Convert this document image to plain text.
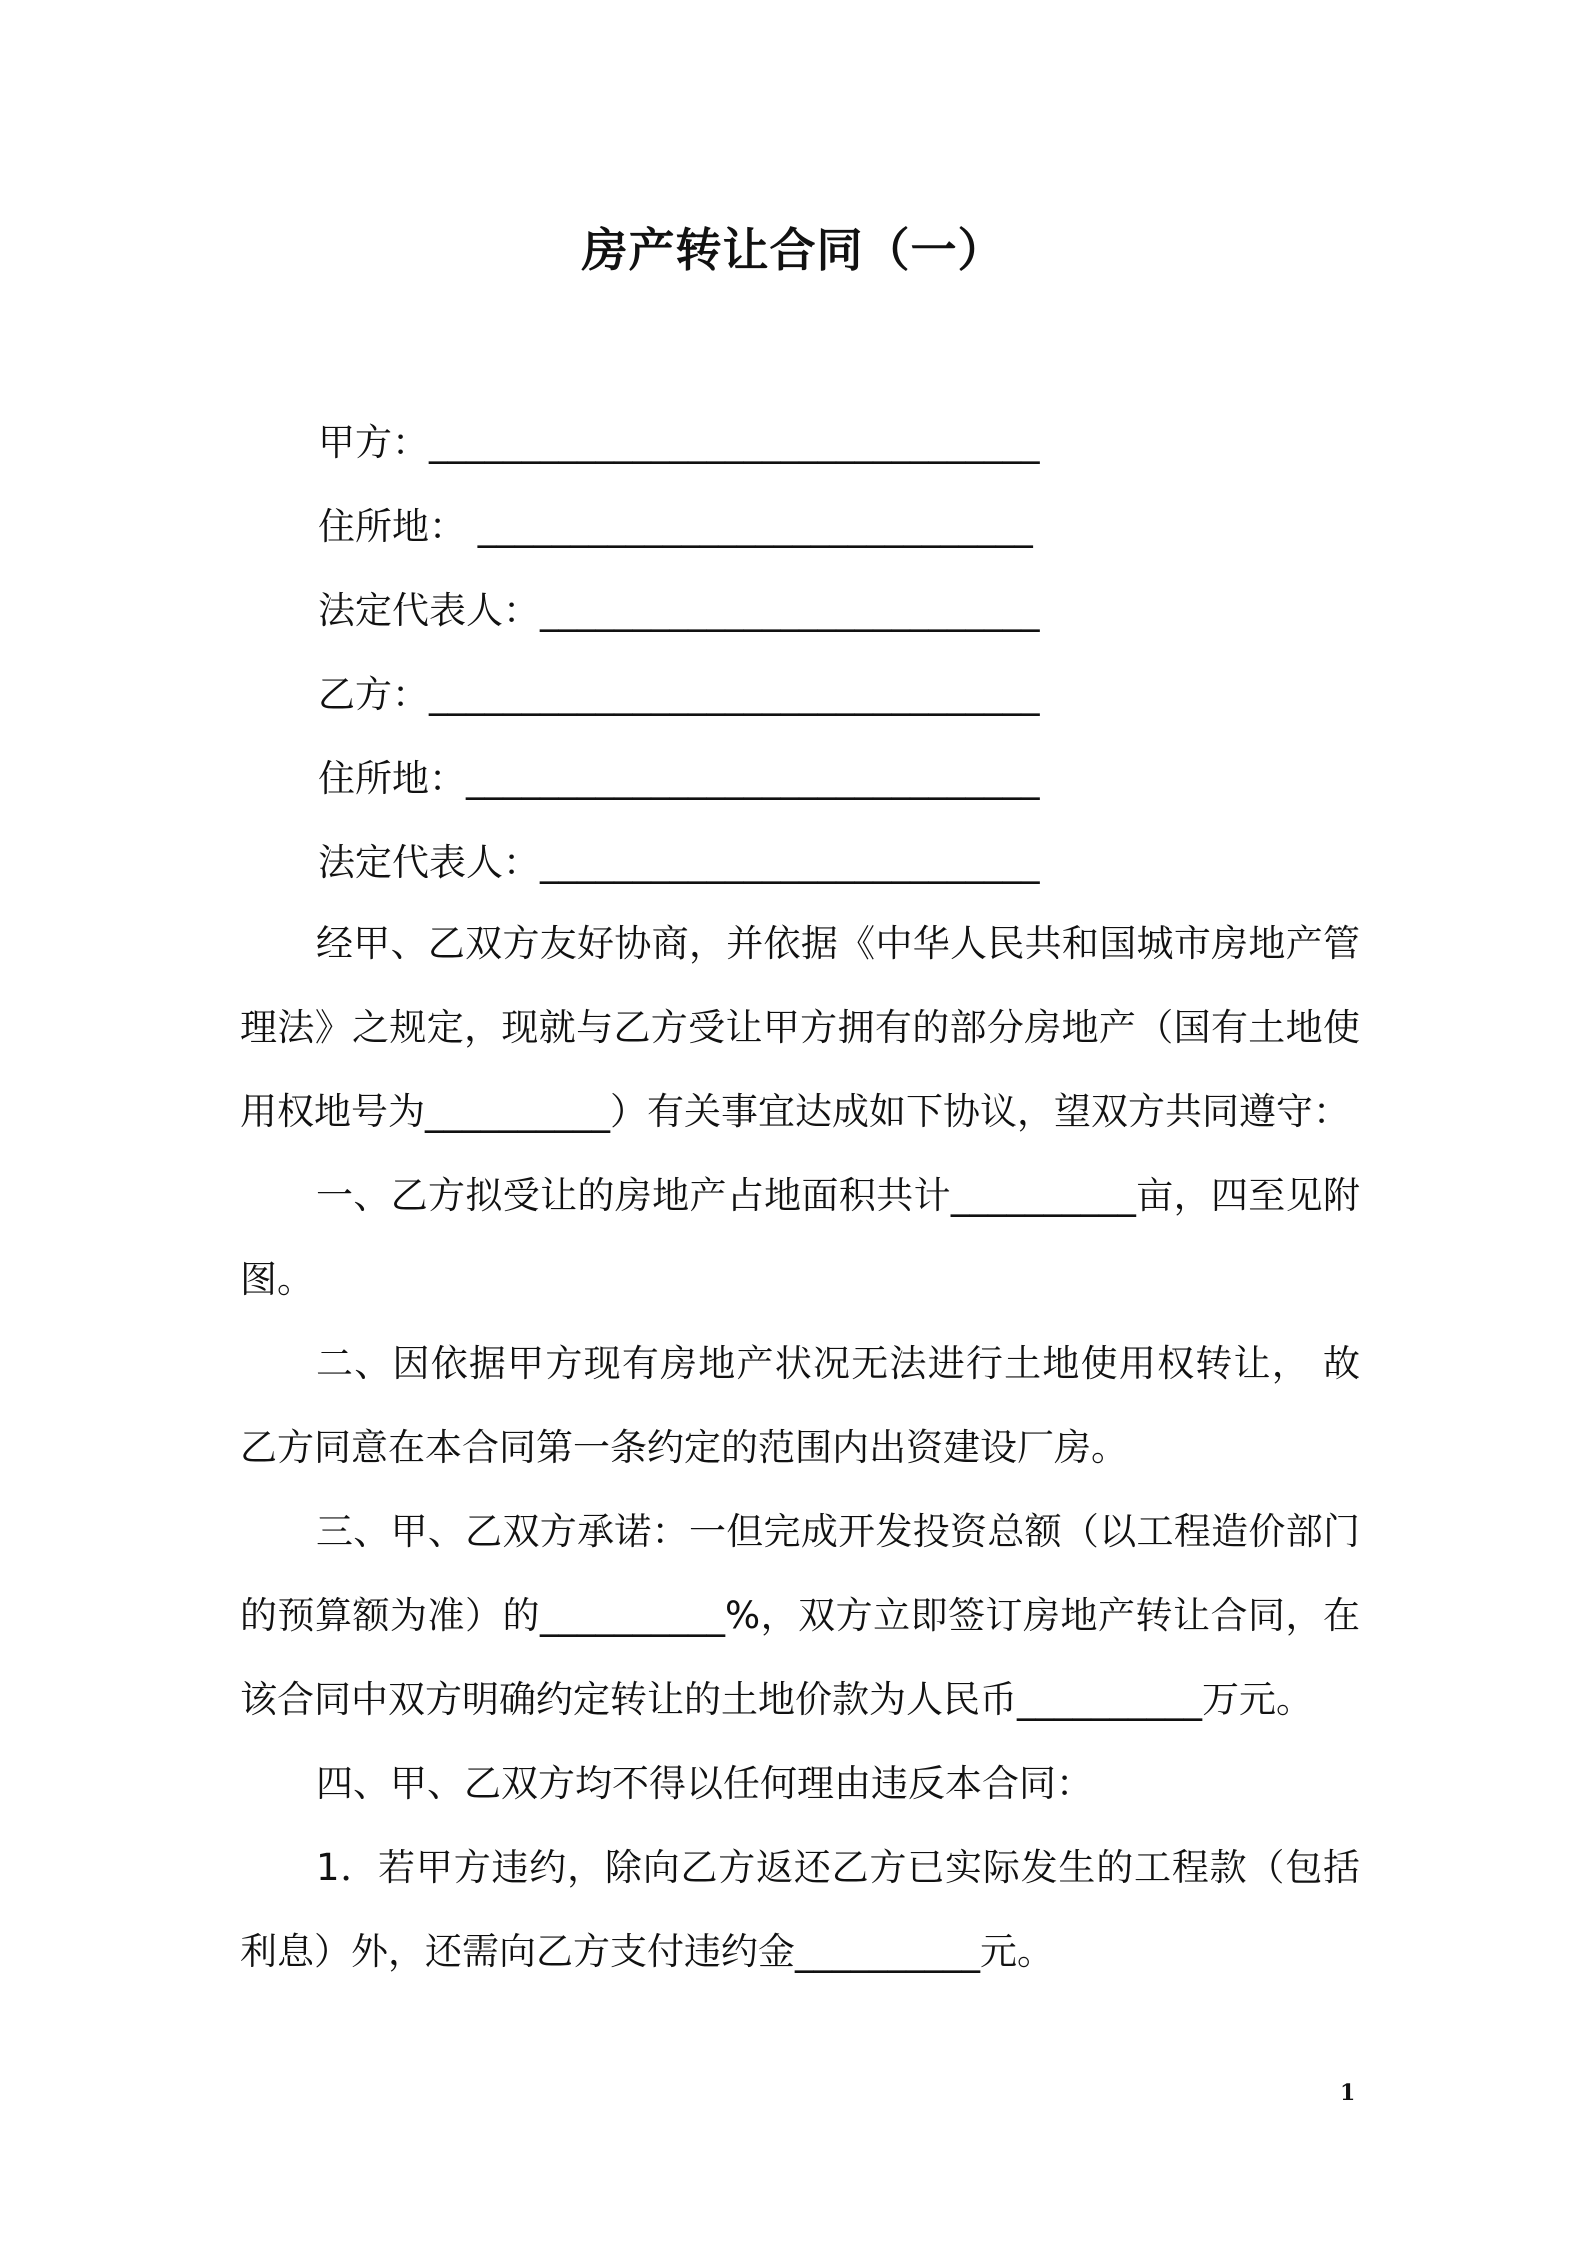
房产转让合同（一）
甲方：_________________________________
住所地： ______________________________
法定代表人：___________________________
乙方：_________________________________
住所地：_______________________________
法定代表人：___________________________

经甲、乙双方友好协商，并依据《中华人民共和国城市房地产管理法》之规定，现就与乙方受让甲方拥有的部分房地产（国有土地使用权地号为__________）有关事宜达成如下协议，望双方共同遵守：

一、乙方拟受让的房地产占地面积共计__________亩，四至见附图。

二、因依据甲方现有房地产状况无法进行土地使用权转让， 故乙方同意在本合同第一条约定的范围内出资建设厂房。

三、甲、乙双方承诺：一但完成开发投资总额（以工程造价部门的预算额为准）的__________%，双方立即签订房地产转让合同，在该合同中双方明确约定转让的土地价款为人民币__________万元。

四、甲、乙双方均不得以任何理由违反本合同：

1．若甲方违约，除向乙方返还乙方已实际发生的工程款（包括利息）外，还需向乙方支付违约金__________元。

1
